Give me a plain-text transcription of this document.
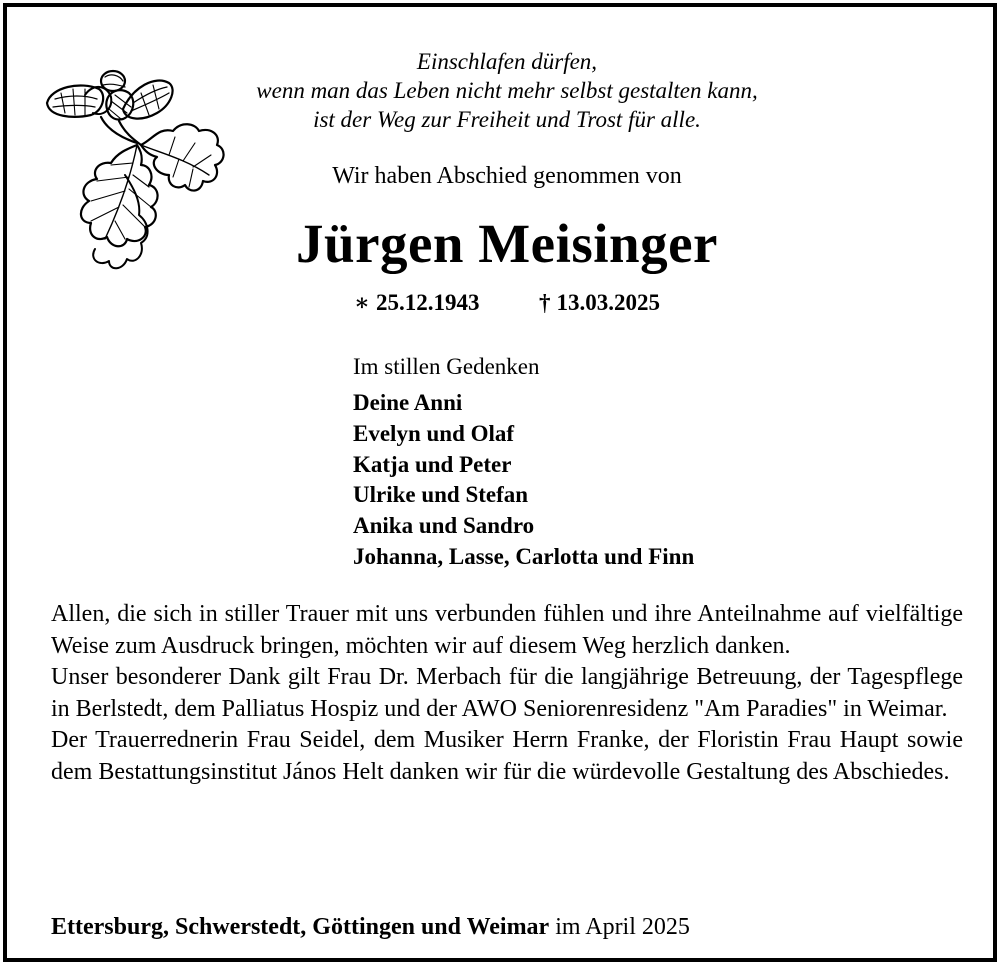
Einschlafen dürfen,
wenn man das Leben nicht mehr selbst gestalten kann,
ist der Weg zur Freiheit und Trost für alle.
Wir haben Abschied genommen von
Jürgen Meisinger
∗ 25.12.1943	† 13.03.2025
Im stillen Gedenken
Deine Anni
Evelyn und Olaf
Katja und Peter
Ulrike und Stefan
Anika und Sandro
Johanna, Lasse, Carlotta und Finn

Allen, die sich in stiller Trauer mit uns verbunden fühlen und ihre Anteilnahme auf vielfältige Weise zum Ausdruck bringen, möchten wir auf diesem Weg herzlich danken.

Unser besonderer Dank gilt Frau Dr. Merbach für die langjährige Betreuung, der Tagespflege in Berlstedt, dem Palliatus Hospiz und der AWO Seniorenresidenz "Am Paradies" in Weimar.

Der Trauerrednerin Frau Seidel, dem Musiker Herrn Franke, der Floristin Frau Haupt sowie dem Bestattungsinstitut János Helt danken wir für die würdevolle Gestaltung des Abschiedes.

Ettersburg, Schwerstedt, Göttingen und Weimar im April 2025
